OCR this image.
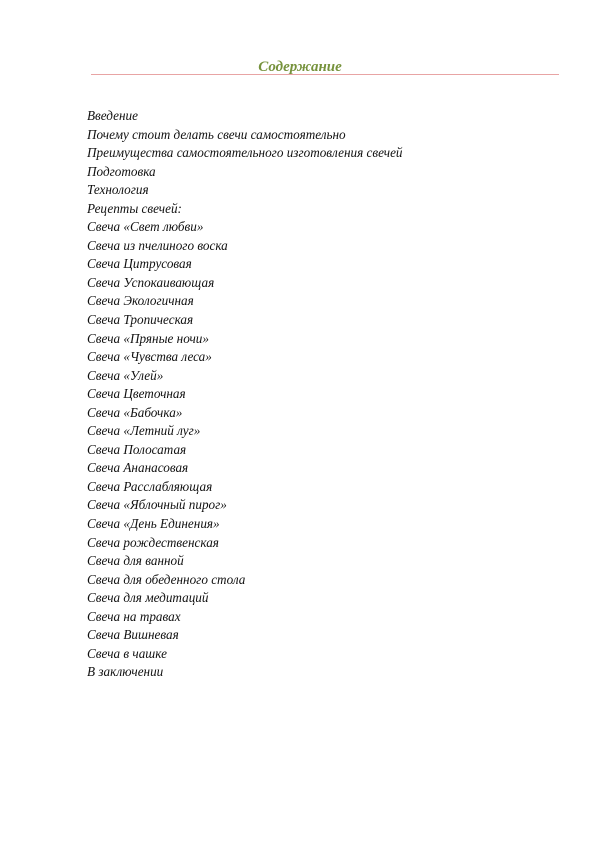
Содержание
Введение
Почему стоит делать свечи самостоятельно
Преимущества самостоятельного изготовления свечей
Подготовка
Технология
Рецепты свечей:
Свеча «Свет любви»
Свеча из пчелиного воска
Свеча Цитрусовая
Свеча Успокаивающая
Свеча Экологичная
Свеча Тропическая
Свеча «Пряные ночи»
Свеча «Чувства леса»
Свеча «Улей»
Свеча Цветочная
Свеча «Бабочка»
Свеча «Летний луг»
Свеча Полосатая
Свеча Ананасовая
Свеча Расслабляющая
Свеча «Яблочный пирог»
Свеча «День Единения»
Свеча рождественская
Свеча для ванной
Свеча для обеденного стола
Свеча для медитаций
Свеча на травах
Свеча Вишневая
Свеча в чашке
В заключении
